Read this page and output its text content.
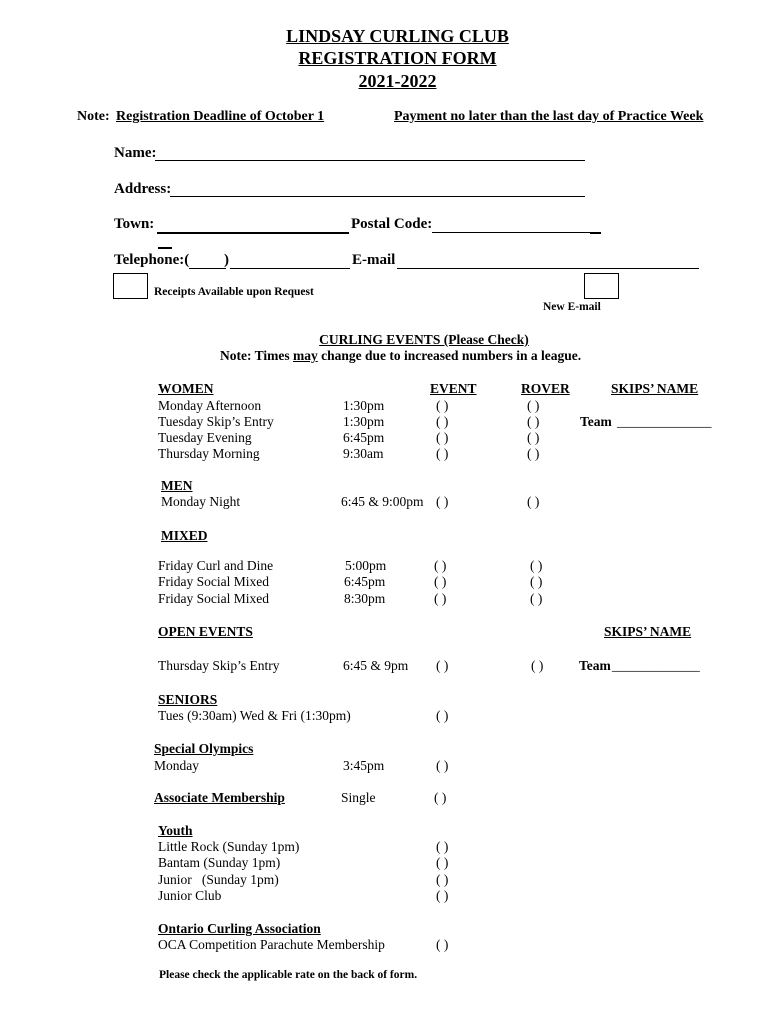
LINDSAY CURLING CLUB
REGISTRATION FORM
2021-2022
Note: Registration Deadline of October 1	Payment no later than the last day of Practice Week
Name:
Address:
Town:	Postal Code:
Telephone:( )	E-mail
Receipts Available upon Request
New E-mail
CURLING EVENTS (Please Check)
Note: Times may change due to increased numbers in a league.
WOMEN	EVENT	ROVER	SKIPS’ NAME
Monday Afternoon	1:30pm	( )	( )
Tuesday Skip’s Entry	1:30pm	( )	( )	Team ______________
Tuesday Evening	6:45pm	( )	( )
Thursday Morning	9:30am	( )	( )
MEN
Monday Night	6:45 & 9:00pm ( )	( )
MIXED
Friday Curl and Dine	5:00pm	( )	( )
Friday Social Mixed	6:45pm	( )	( )
Friday Social Mixed	8:30pm	( )	( )
OPEN EVENTS	SKIPS’ NAME
Thursday Skip’s Entry	6:45 & 9pm ( )	( )	Team _____________
SENIORS
Tues (9:30am) Wed & Fri (1:30pm)	( )
Special Olympics
Monday	3:45pm	( )
Associate Membership	Single	( )
Youth
Little Rock (Sunday 1pm)	( )
Bantam (Sunday 1pm)	( )
Junior   (Sunday 1pm)	( )
Junior Club	( )
Ontario Curling Association
OCA Competition Parachute Membership	( )
Please check the applicable rate on the back of form.
